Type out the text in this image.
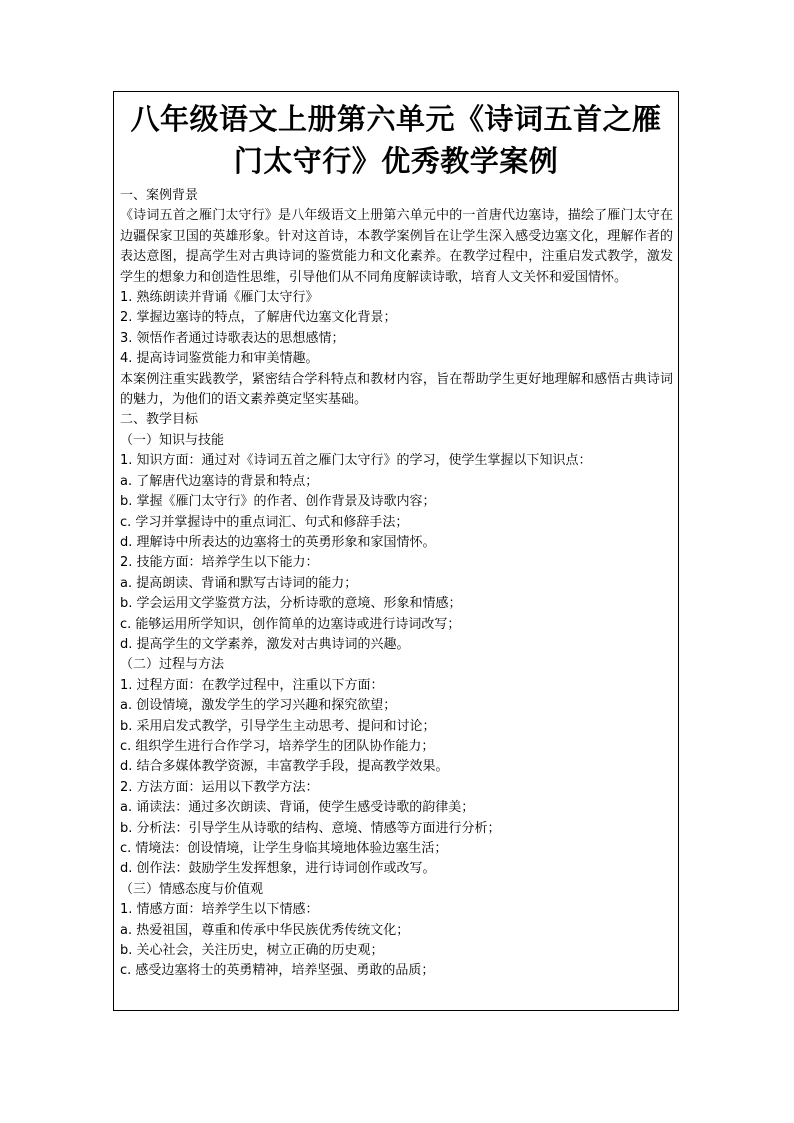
八年级语文上册第六单元《诗词五首之雁门太守行》优秀教学案例
一、案例背景
《诗词五首之雁门太守行》是八年级语文上册第六单元中的一首唐代边塞诗，描绘了雁门太守在边疆保家卫国的英雄形象。针对这首诗，本教学案例旨在让学生深入感受边塞文化，理解作者的表达意图，提高学生对古典诗词的鉴赏能力和文化素养。在教学过程中，注重启发式教学，激发学生的想象力和创造性思维，引导他们从不同角度解读诗歌，培育人文关怀和爱国情怀。
1. 熟练朗读并背诵《雁门太守行》
2. 掌握边塞诗的特点，了解唐代边塞文化背景；
3. 领悟作者通过诗歌表达的思想感情；
4. 提高诗词鉴赏能力和审美情趣。
本案例注重实践教学，紧密结合学科特点和教材内容，旨在帮助学生更好地理解和感悟古典诗词的魅力，为他们的语文素养奠定坚实基础。
二、教学目标
（一）知识与技能
1. 知识方面：通过对《诗词五首之雁门太守行》的学习，使学生掌握以下知识点：
a. 了解唐代边塞诗的背景和特点；
b. 掌握《雁门太守行》的作者、创作背景及诗歌内容；
c. 学习并掌握诗中的重点词汇、句式和修辞手法；
d. 理解诗中所表达的边塞将士的英勇形象和家国情怀。
2. 技能方面：培养学生以下能力：
a. 提高朗读、背诵和默写古诗词的能力；
b. 学会运用文学鉴赏方法，分析诗歌的意境、形象和情感；
c. 能够运用所学知识，创作简单的边塞诗或进行诗词改写；
d. 提高学生的文学素养，激发对古典诗词的兴趣。
（二）过程与方法
1. 过程方面：在教学过程中，注重以下方面：
a. 创设情境，激发学生的学习兴趣和探究欲望；
b. 采用启发式教学，引导学生主动思考、提问和讨论；
c. 组织学生进行合作学习，培养学生的团队协作能力；
d. 结合多媒体教学资源，丰富教学手段，提高教学效果。
2. 方法方面：运用以下教学方法：
a. 诵读法：通过多次朗读、背诵，使学生感受诗歌的韵律美；
b. 分析法：引导学生从诗歌的结构、意境、情感等方面进行分析；
c. 情境法：创设情境，让学生身临其境地体验边塞生活；
d. 创作法：鼓励学生发挥想象，进行诗词创作或改写。
（三）情感态度与价值观
1. 情感方面：培养学生以下情感：
a. 热爱祖国，尊重和传承中华民族优秀传统文化；
b. 关心社会，关注历史，树立正确的历史观；
c. 感受边塞将士的英勇精神，培养坚强、勇敢的品质；
